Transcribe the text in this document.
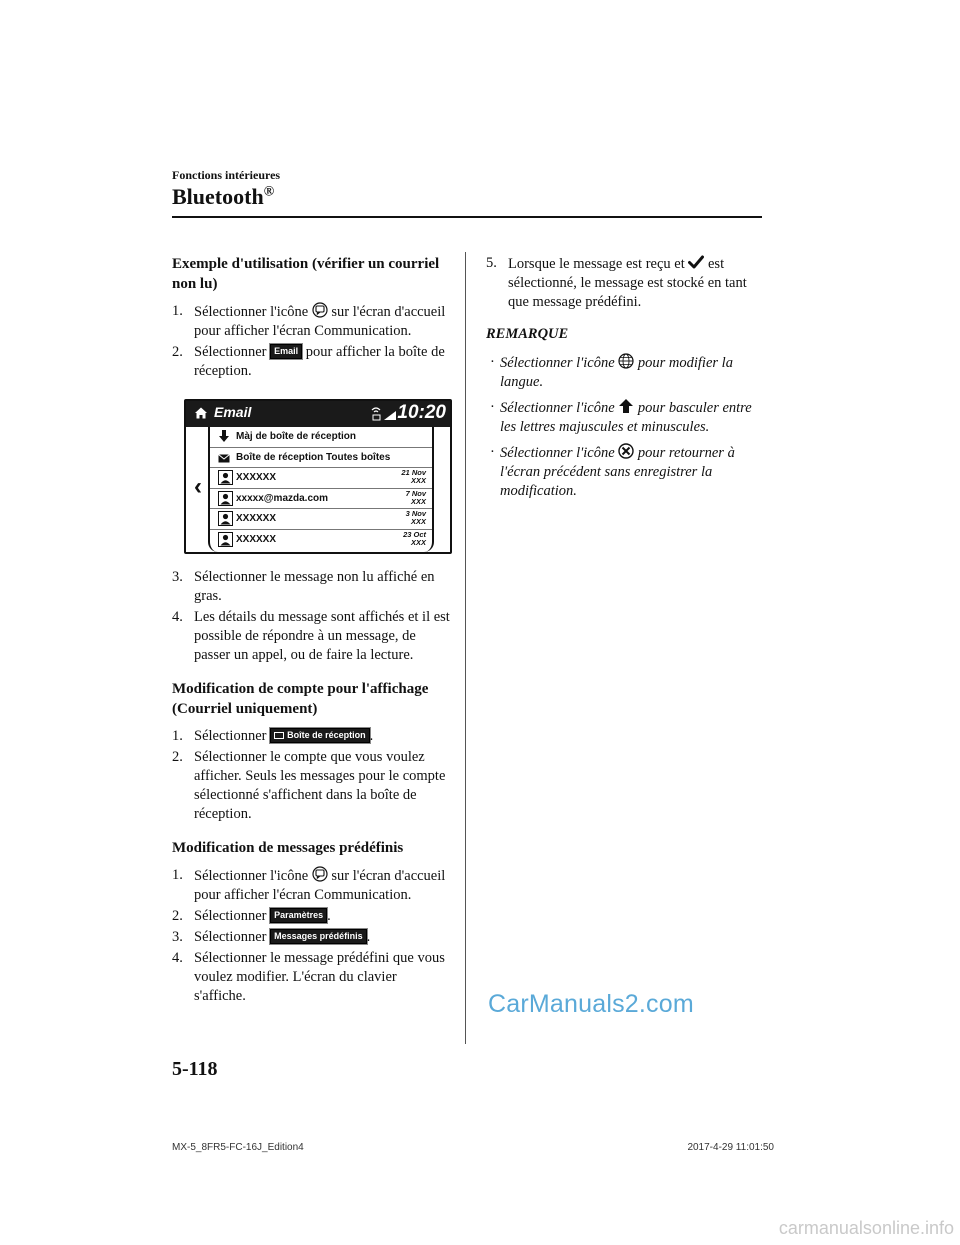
Fonctions intérieures
Bluetooth®
Exemple d'utilisation (vérifier un courriel non lu)
1. Sélectionner l'icône sur l'écran d'accueil pour afficher l'écran Communication.
2. Sélectionner Email pour afficher la boîte de réception.
Email	10:20
‹
Màj de boîte de réception
Boîte de réception Toutes boîtes
XXXXXX	21 Nov
XXX
xxxxx@mazda.com	7 Nov
XXX
XXXXXX	3 Nov
XXX
XXXXXX	23 Oct
XXX
3. Sélectionner le message non lu affiché en gras.
4. Les détails du message sont affichés et il est possible de répondre à un message, de passer un appel, ou de faire la lecture.
Modification de compte pour l'affichage (Courriel uniquement)
1. Sélectionner Boîte de réception .
2. Sélectionner le compte que vous voulez afficher. Seuls les messages pour le compte sélectionné s'affichent dans la boîte de réception.
Modification de messages prédéfinis
1. Sélectionner l'icône sur l'écran d'accueil pour afficher l'écran Communication.
2. Sélectionner Paramètres .
3. Sélectionner Messages prédéfinis .
4. Sélectionner le message prédéfini que vous voulez modifier. L'écran du clavier s'affiche.
5. Lorsque le message est reçu et est sélectionné, le message est stocké en tant que message prédéfini.
REMARQUE
· Sélectionner l'icône pour modifier la langue.
· Sélectionner l'icône pour basculer entre les lettres majuscules et minuscules.
· Sélectionner l'icône pour retourner à l'écran précédent sans enregistrer la modification.
CarManuals2.com
5-118
MX-5_8FR5-FC-16J_Edition4	2017-4-29 11:01:50
carmanualsonline.info
